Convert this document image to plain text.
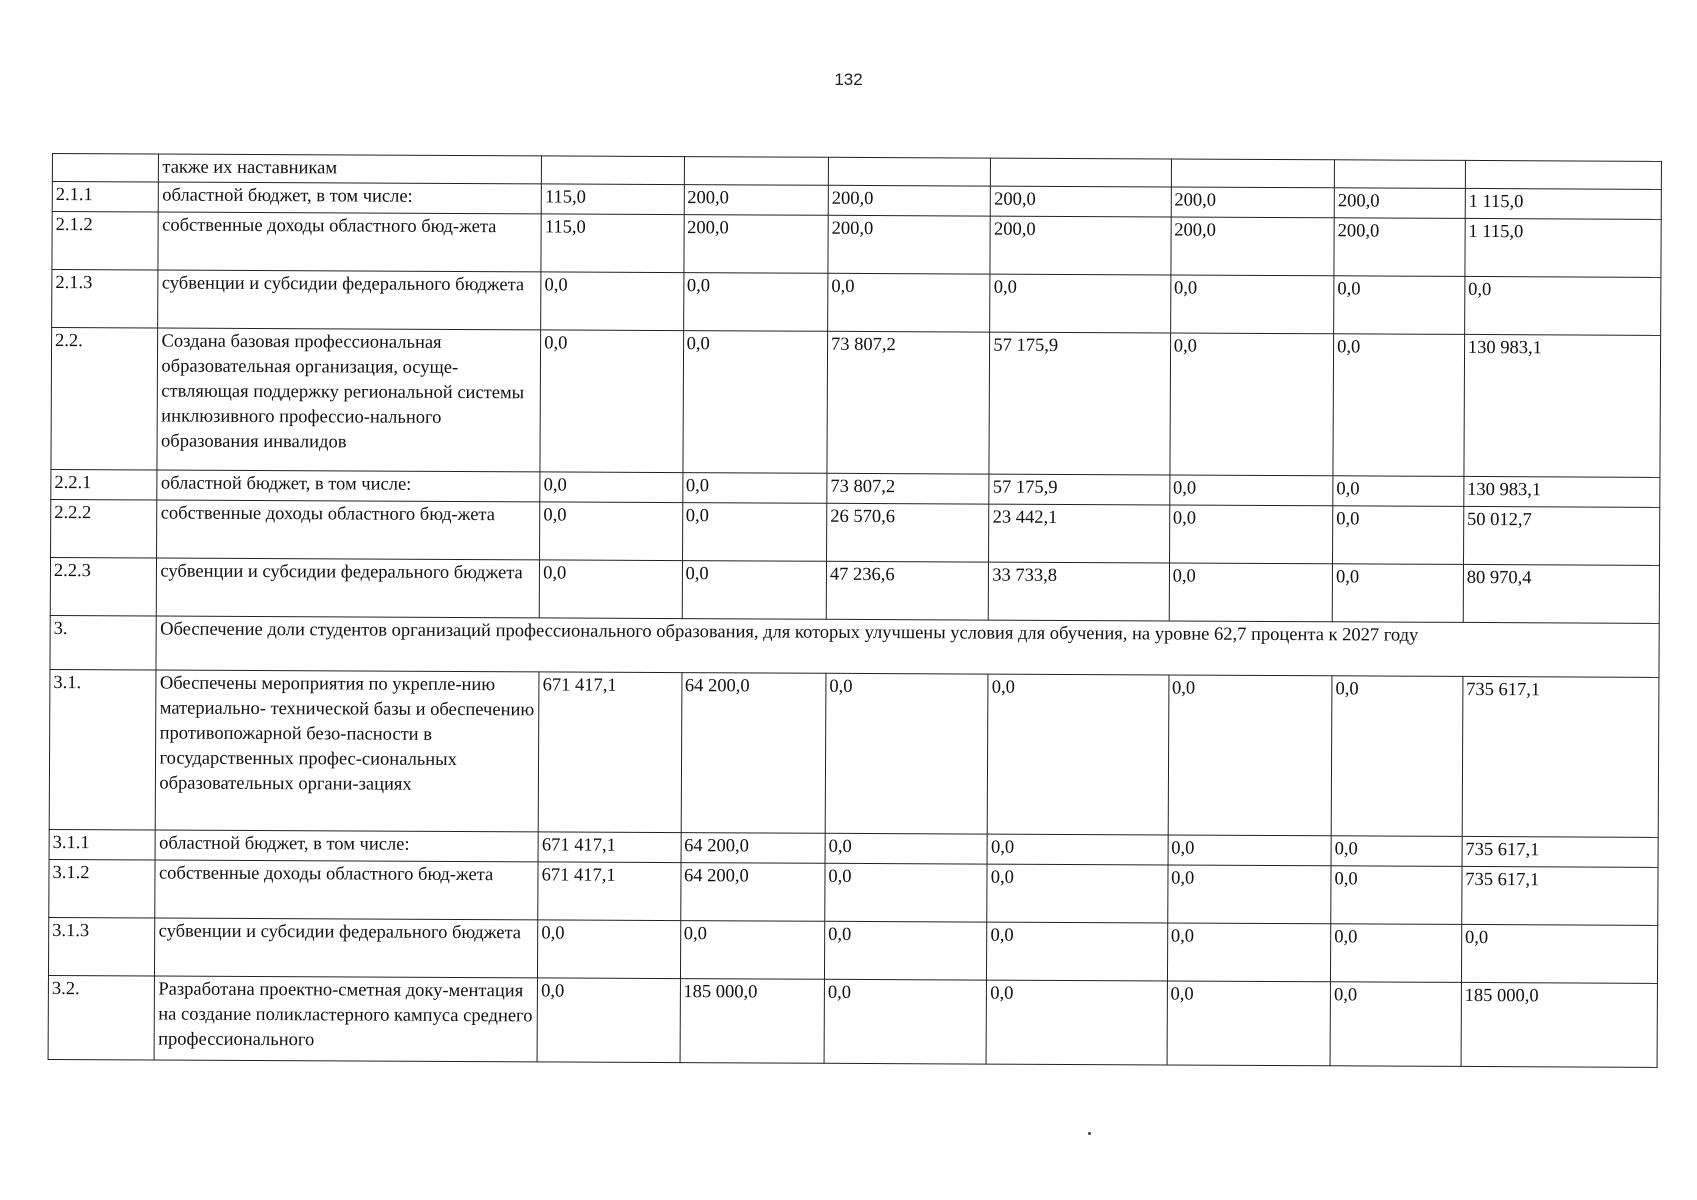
132
	также их наставникам							
2.1.1	областной бюджет, в том числе:	115,0	200,0	200,0	200,0	200,0	200,0	1 115,0
2.1.2	собственные доходы областного бюд-жета	115,0	200,0	200,0	200,0	200,0	200,0	1 115,0
2.1.3	субвенции и субсидии федерального бюджета	0,0	0,0	0,0	0,0	0,0	0,0	0,0
2.2.	Создана базовая профессиональная образовательная организация, осуще-ствляющая поддержку региональной системы инклюзивного профессио-нального образования инвалидов	0,0	0,0	73 807,2	57 175,9	0,0	0,0	130 983,1
2.2.1	областной бюджет, в том числе:	0,0	0,0	73 807,2	57 175,9	0,0	0,0	130 983,1
2.2.2	собственные доходы областного бюд-жета	0,0	0,0	26 570,6	23 442,1	0,0	0,0	50 012,7
2.2.3	субвенции и субсидии федерального бюджета	0,0	0,0	47 236,6	33 733,8	0,0	0,0	80 970,4
3.	Обеспечение доли студентов организаций профессионального образования, для которых улучшены условия для обучения, на уровне 62,7 процента к 2027 году							
3.1.	Обеспечены мероприятия по укрепле-нию материально- технической базы и обеспечению противопожарной безо-пасности в государственных профес-сиональных образовательных органи-зациях	671 417,1	64 200,0	0,0	0,0	0,0	0,0	735 617,1
3.1.1	областной бюджет, в том числе:	671 417,1	64 200,0	0,0	0,0	0,0	0,0	735 617,1
3.1.2	собственные доходы областного бюд-жета	671 417,1	64 200,0	0,0	0,0	0,0	0,0	735 617,1
3.1.3	субвенции и субсидии федерального бюджета	0,0	0,0	0,0	0,0	0,0	0,0	0,0
3.2.	Разработана проектно-сметная доку-ментация на создание поликластерного кампуса среднего профессионального	0,0	185 000,0	0,0	0,0	0,0	0,0	185 000,0
